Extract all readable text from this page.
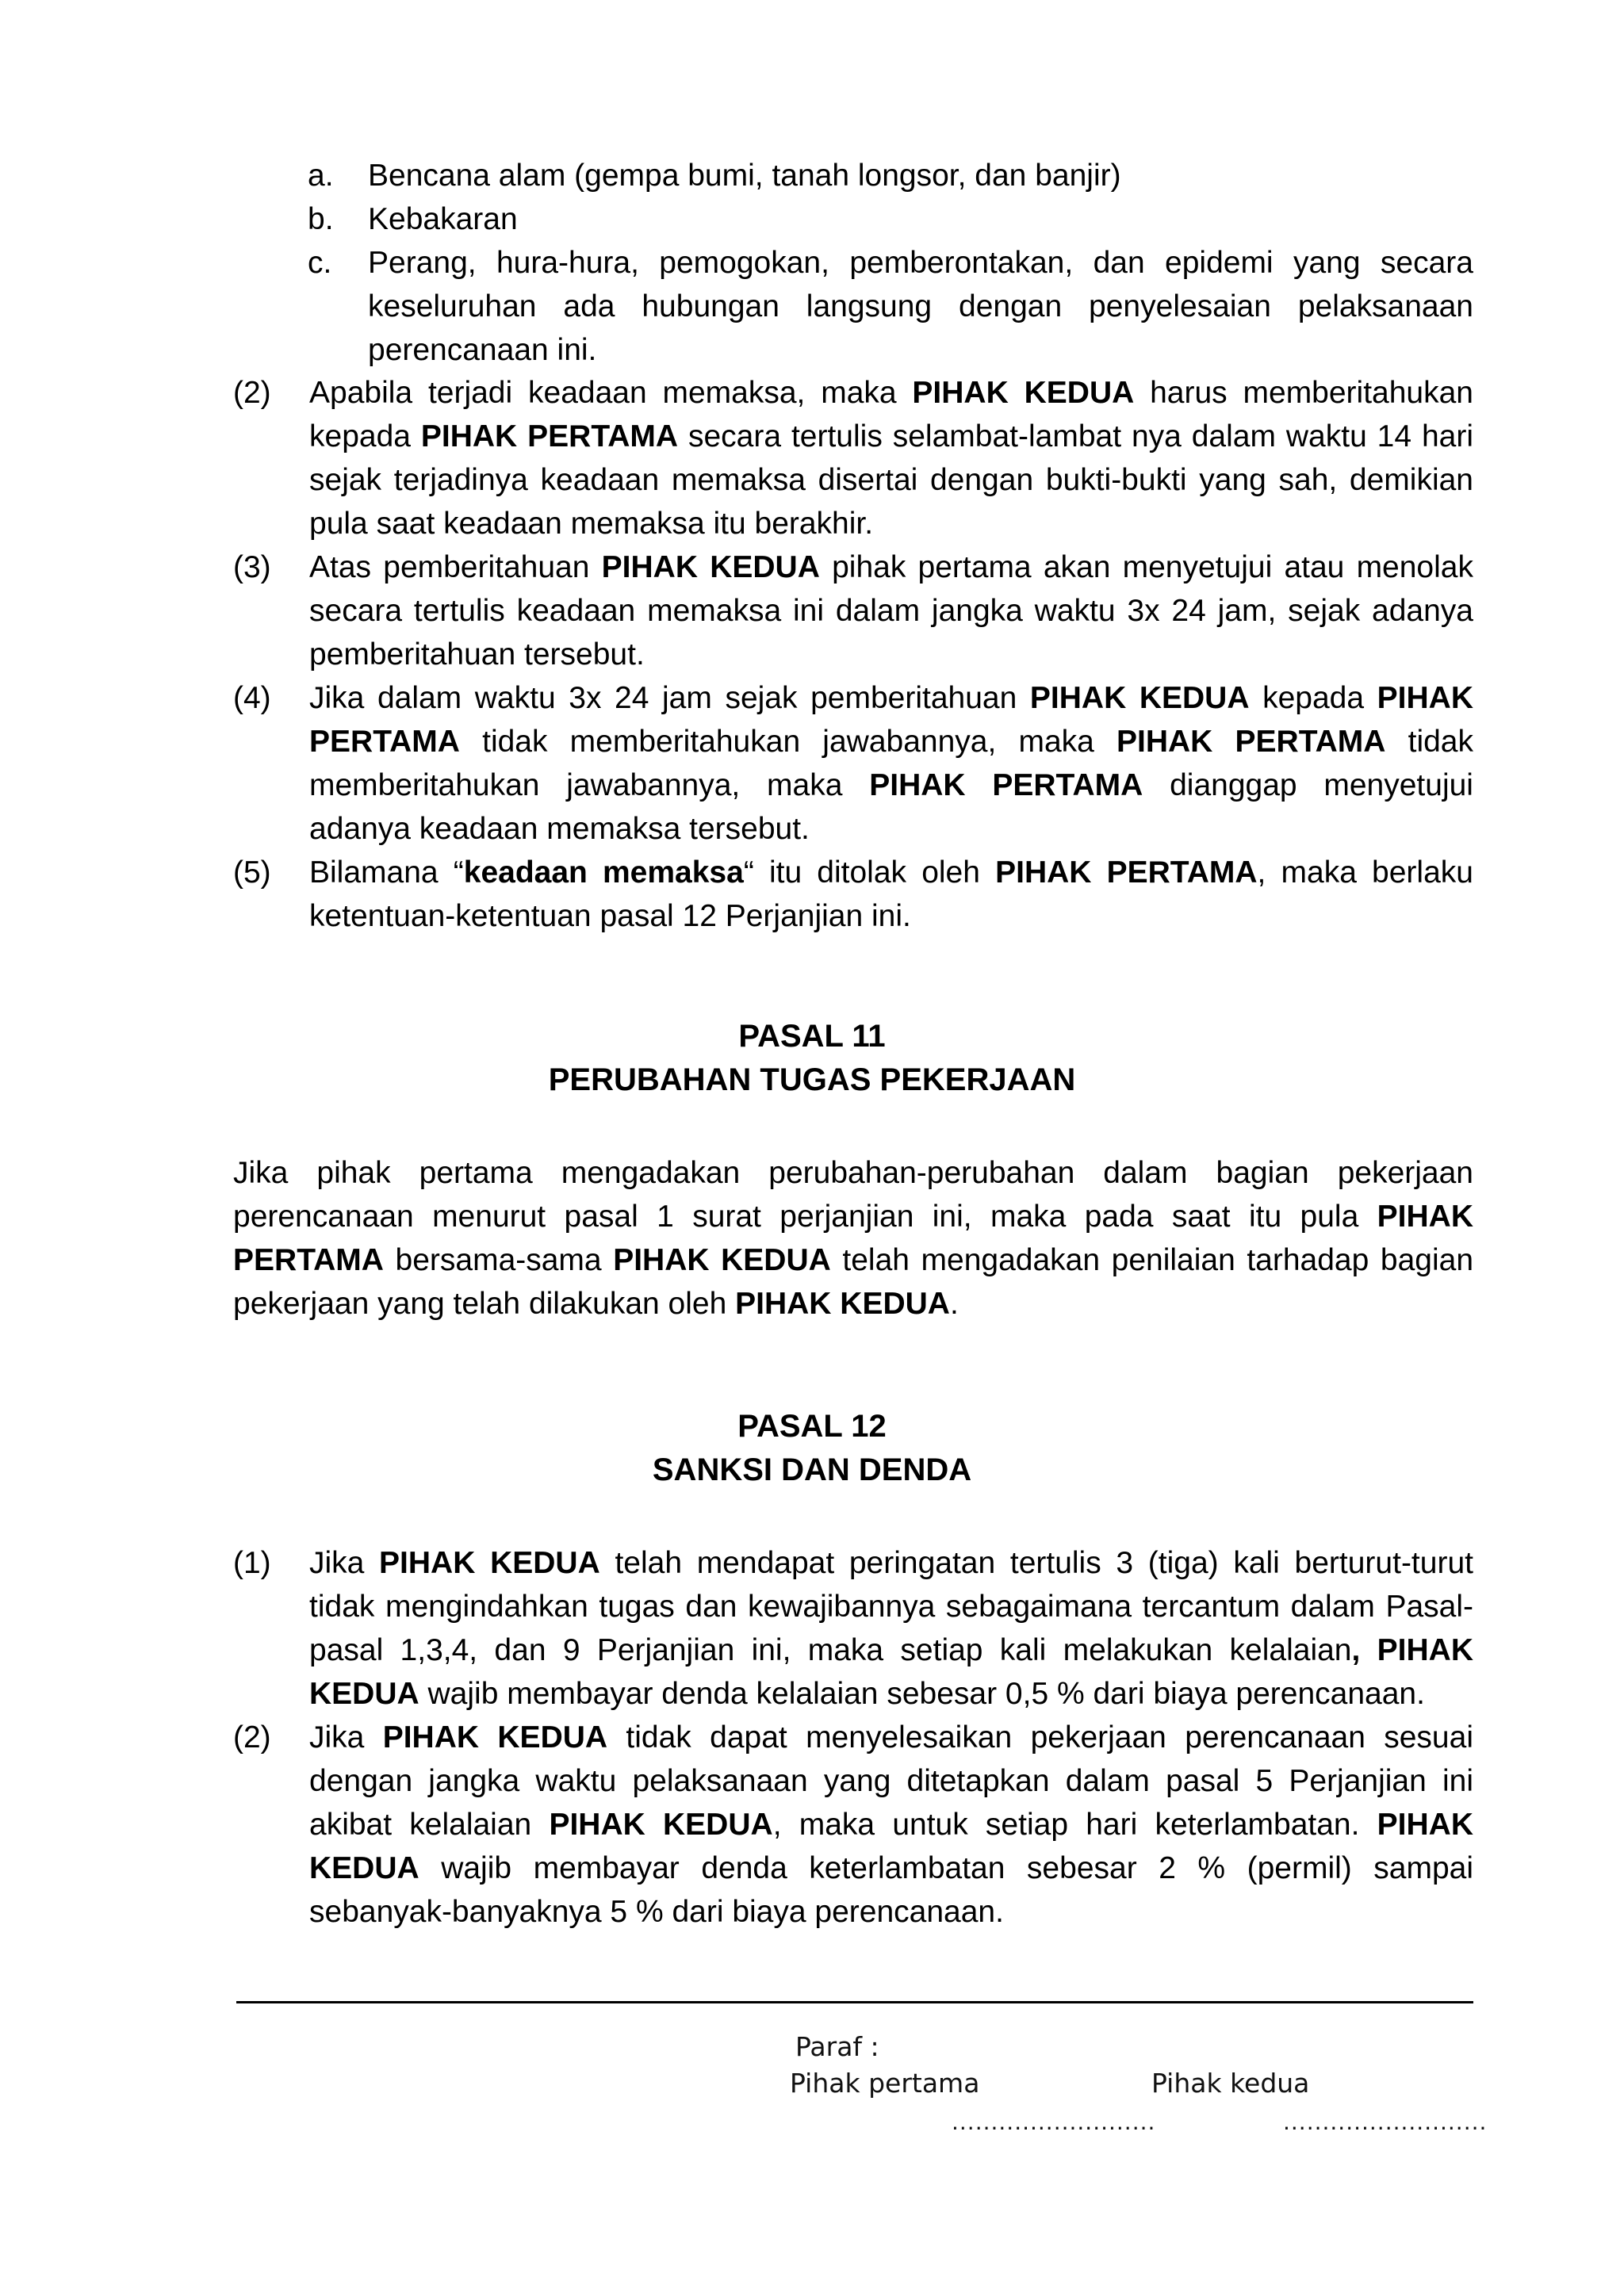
a. Bencana alam (gempa bumi, tanah longsor, dan banjir)
b. Kebakaran
c. Perang, hura-hura, pemogokan, pemberontakan, dan epidemi yang secara keseluruhan ada hubungan langsung dengan penyelesaian pelaksanaan perencanaan ini.
(2) Apabila terjadi keadaan memaksa, maka PIHAK KEDUA harus memberitahukan kepada PIHAK PERTAMA secara tertulis selambat-lambat nya dalam waktu 14 hari sejak terjadinya keadaan memaksa disertai dengan bukti-bukti yang sah, demikian pula saat keadaan memaksa itu berakhir.
(3) Atas pemberitahuan PIHAK KEDUA pihak pertama akan menyetujui atau menolak secara tertulis keadaan memaksa ini dalam jangka waktu 3x 24 jam, sejak adanya pemberitahuan tersebut.
(4) Jika dalam waktu 3x 24 jam sejak pemberitahuan PIHAK KEDUA kepada PIHAK PERTAMA tidak memberitahukan jawabannya, maka PIHAK PERTAMA tidak memberitahukan jawabannya, maka PIHAK PERTAMA dianggap menyetujui adanya keadaan memaksa tersebut.
(5) Bilamana “keadaan memaksa“ itu ditolak oleh PIHAK PERTAMA, maka berlaku ketentuan-ketentuan pasal 12 Perjanjian ini.
PASAL 11
PERUBAHAN TUGAS PEKERJAAN
Jika pihak pertama mengadakan perubahan-perubahan dalam bagian pekerjaan perencanaan menurut pasal 1 surat perjanjian ini, maka pada saat itu pula PIHAK PERTAMA bersama-sama PIHAK KEDUA telah mengadakan penilaian tarhadap bagian pekerjaan yang telah dilakukan oleh PIHAK KEDUA.
PASAL 12
SANKSI DAN DENDA
(1) Jika PIHAK KEDUA telah mendapat peringatan tertulis 3 (tiga) kali berturut-turut tidak mengindahkan tugas dan kewajibannya sebagaimana tercantum dalam Pasal-pasal 1,3,4, dan 9 Perjanjian ini, maka setiap kali melakukan kelalaian, PIHAK KEDUA wajib membayar denda kelalaian sebesar 0,5 % dari biaya perencanaan.
(2) Jika PIHAK KEDUA tidak dapat menyelesaikan pekerjaan perencanaan sesuai dengan jangka waktu pelaksanaan yang ditetapkan dalam pasal 5 Perjanjian ini akibat kelalaian PIHAK KEDUA, maka untuk setiap hari keterlambatan. PIHAK KEDUA wajib membayar denda keterlambatan sebesar 2 % (permil) sampai sebanyak-banyaknya 5 % dari biaya perencanaan.
Paraf :
Pihak pertama	Pihak kedua
..........................	..........................
